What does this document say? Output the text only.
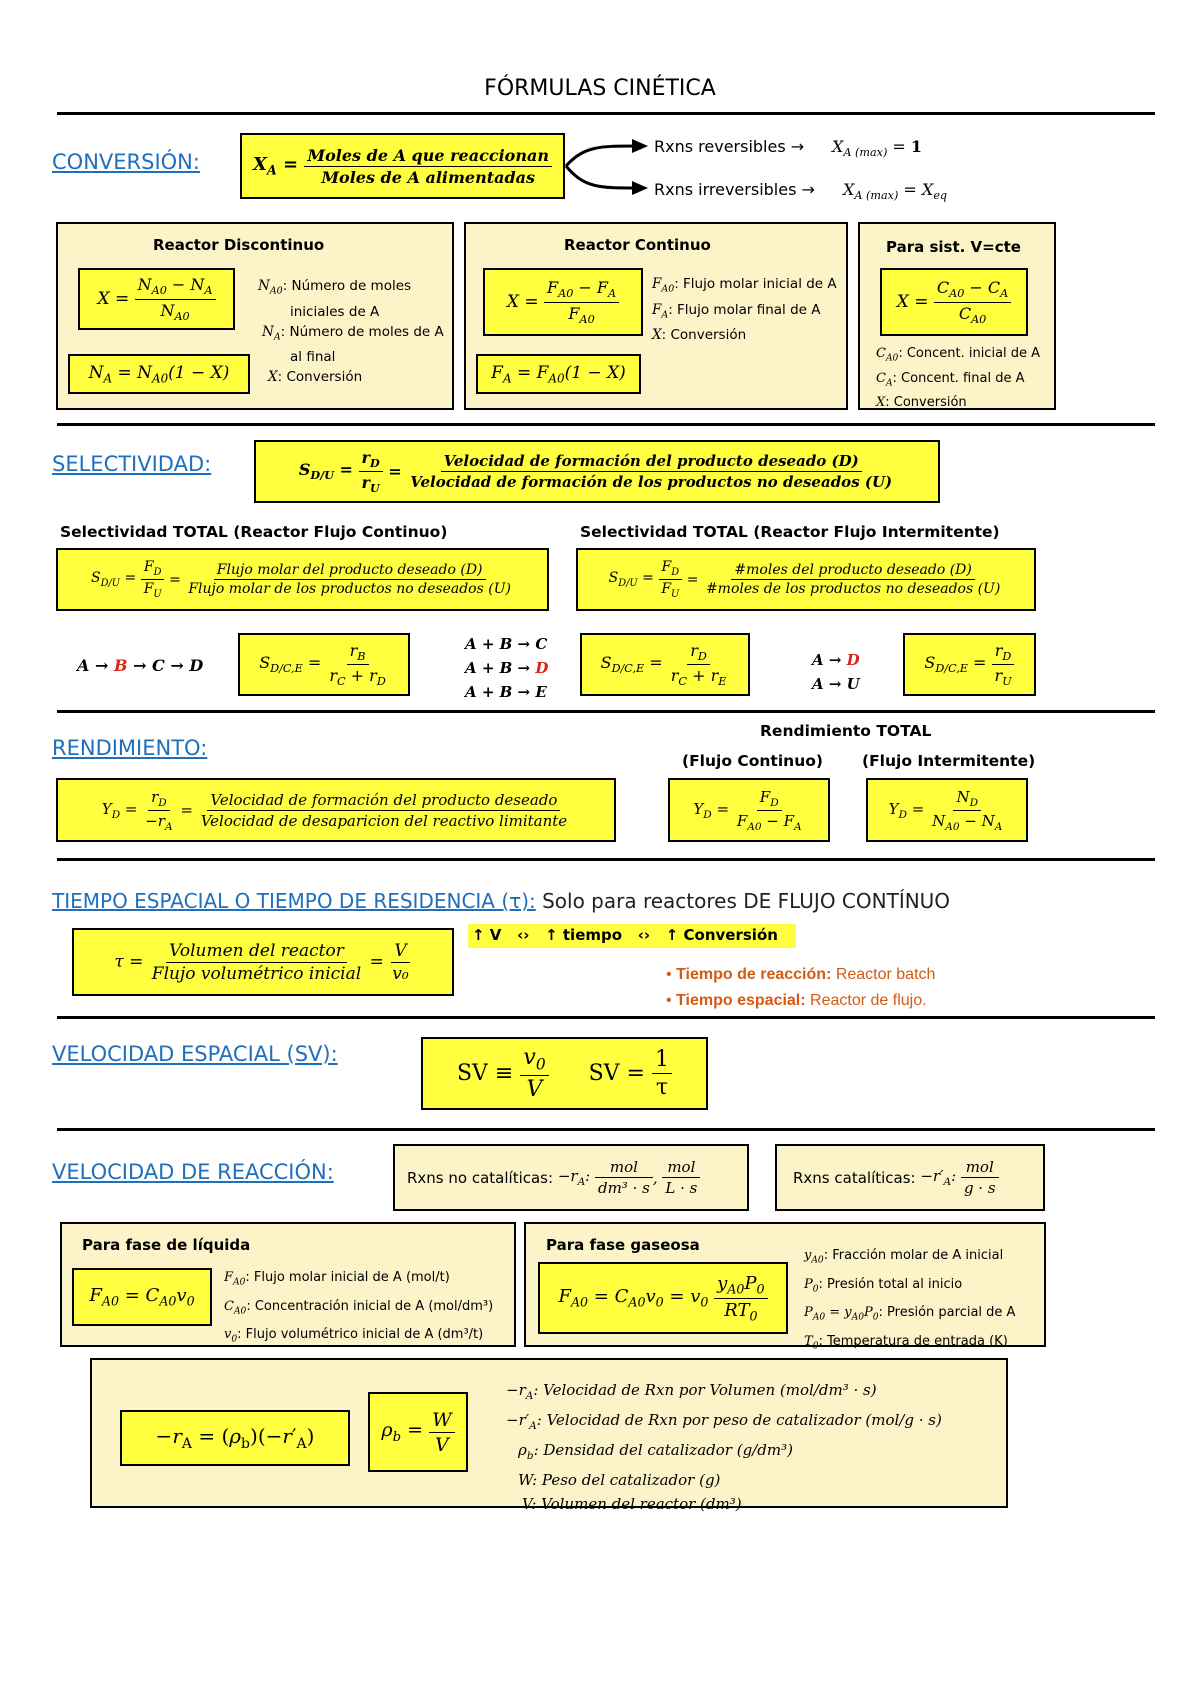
FÓRMULAS CINÉTICA
CONVERSIÓN:	$X_A = \frac{\text{Moles de A que reaccionan}}{\text{Moles de A alimentadas}}$	Rxns reversibles → $X_{A (max)} = 1$
Rxns irreversibles → $X_{A (max)} = X_{eq}$
Reactor Discontinuo
$X = \frac{N_{A0} - N_A}{N_{A0}}$
$N_A = N_{A0}(1 - X)$
$N_{A0}$: Número de moles
iniciales de A
$N_A$: Número de moles de A
al final
X: Conversión
Reactor Continuo
$X = \frac{F_{A0} - F_A}{F_{A0}}$
$F_A = F_{A0}(1 - X)$
$F_{A0}$: Flujo molar inicial de A
$F_A$: Flujo molar final de A
X: Conversión
Para sist. V=cte
$X = \frac{C_{A0} - C_A}{C_{A0}}$
$C_{A0}$: Concent. inicial de A
$C_A$: Concent. final de A
X: Conversión
SELECTIVIDAD:	$S_{D/U} = \frac{r_D}{r_U} = \frac{\text{Velocidad de formación del producto deseado (D)}}{\text{Velocidad de formación de los productos no deseados (U)}}$
Selectividad TOTAL (Reactor Flujo Continuo)
$S_{D/U} = \frac{F_D}{F_U} = \frac{\text{Flujo molar del producto deseado (D)}}{\text{Flujo molar de los productos no deseados (U)}}$
Selectividad TOTAL (Reactor Flujo Intermitente)
$S_{D/U} = \frac{F_D}{F_U} = \frac{\text{\#moles del producto deseado (D)}}{\text{\#moles de los productos no deseados (U)}}$
A → B → C → D	$S_{D/C,E} = \frac{r_B}{r_C + r_D}$	A + B → C
A + B → D
A + B → E
$S_{D/C,E} = \frac{r_D}{r_C + r_E}$	A → D
A → U
$S_{D/C,E} = \frac{r_D}{r_U}$
RENDIMIENTO:
$Y_D = \frac{r_D}{-r_A} = \frac{\text{Velocidad de formación del producto deseado}}{\text{Velocidad de desaparicion del reactivo limitante}}$
Rendimiento TOTAL
(Flujo Continuo)	(Flujo Intermitente)
$Y_D = \frac{F_D}{F_{A0} - F_A}$	$Y_D = \frac{N_D}{N_{A0} - N_A}$
TIEMPO ESPACIAL O TIEMPO DE RESIDENCIA (τ): Solo para reactores DE FLUJO CONTÍNUO
$\tau = \frac{\text{Volumen del reactor}}{\text{Flujo volumétrico inicial}} = \frac{V}{\text{v₀}}$
↑ V   ‹›   ↑ tiempo   ‹›   ↑ Conversión
• Tiempo de reacción: Reactor batch
• Tiempo espacial: Reactor de flujo.
VELOCIDAD ESPACIAL (SV):
SV ≡
$\frac{v_0}{V}$ SV =
$\frac{1}{\tau}$
VELOCIDAD DE REACCIÓN:	Rxns no catalíticas: $-r_A$: $\frac{\text{mol}}{\text{dm³ · s}}$ , $\frac{\text{mol}}{L \cdot s}$	Rxns catalíticas: $-r'_A$: $\frac{\text{mol}}{g \cdot s}$
Para fase de líquida
$F_{A0} = C_{A0}v_0$
$F_{A0}$: Flujo molar inicial de A (mol/t)
$C_{A0}$: Concentración inicial de A (mol/dm³)
$v_0$: Flujo volumétrico inicial de A (dm³/t)
Para fase gaseosa
$F_{A0} = C_{A0}v_0 = v_0 \frac{y_{A0}P_0}{RT_0}$
$y_{A0}$: Fracción molar de A inicial
$P_0$: Presión total al inicio
$P_{A0} = y_{A0}P_0$: Presión parcial de A
$T_0$: Temperatura de entrada (K)
$-r_A = (\rho_b)(-r'_A)$	$\rho_b = \frac{W}{V}$
$-r_A$: Velocidad de Rxn por Volumen (mol/dm³ · s)
$-r'_A$: Velocidad de Rxn por peso de catalizador (mol/g · s)
$\rho_b$: Densidad del catalizador (g/dm³)
W: Peso del catalizador (g)
V: Volumen del reactor (dm³)
